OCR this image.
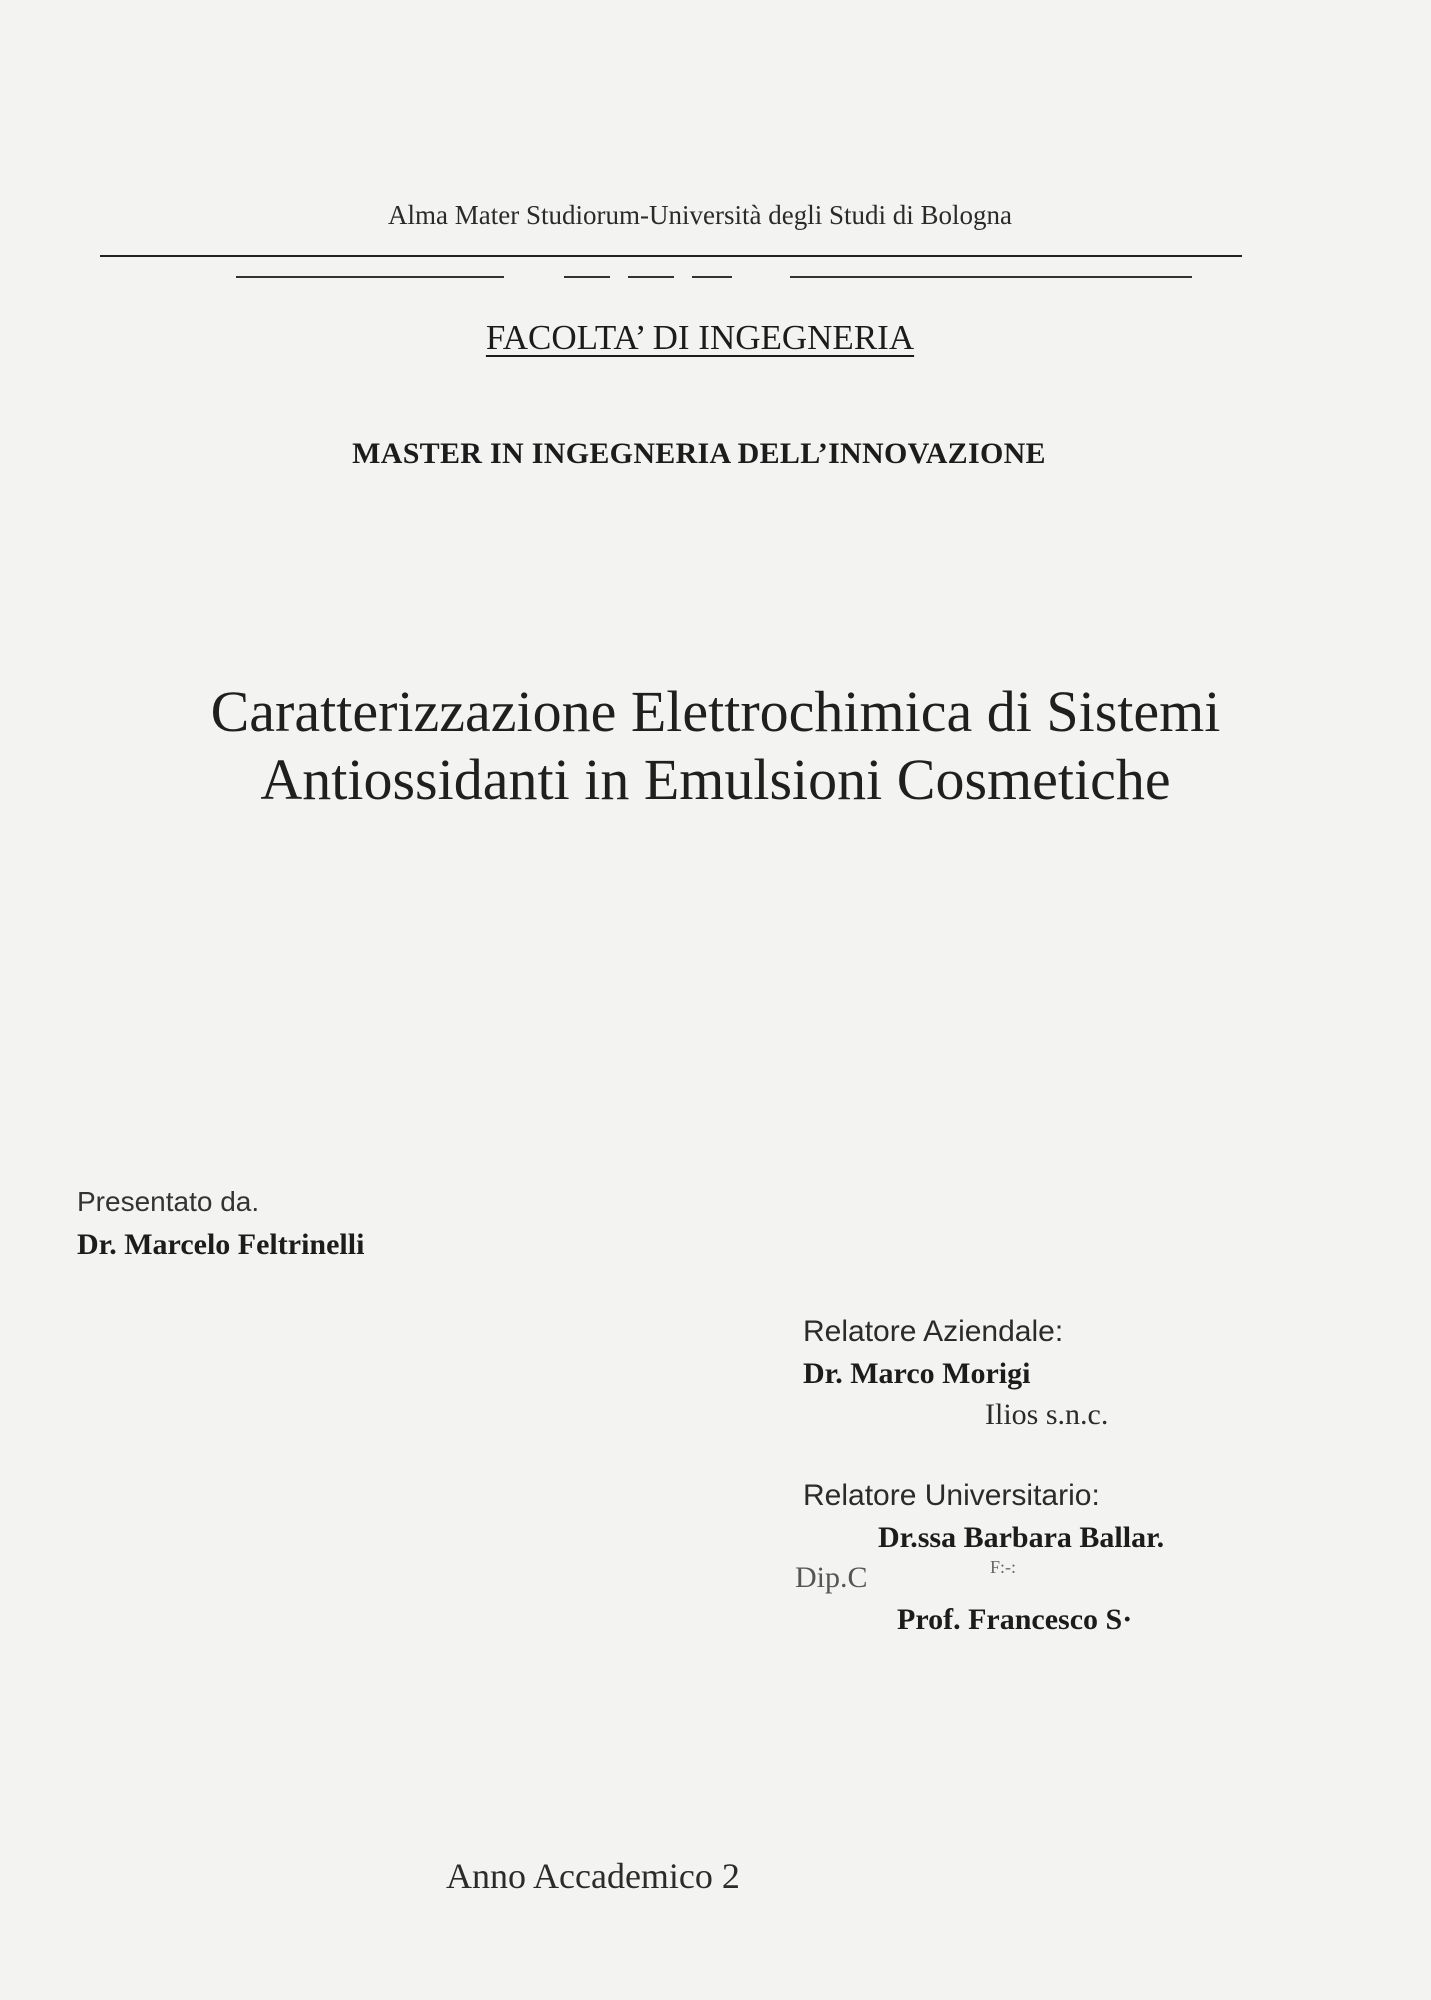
Alma Mater Studiorum-Università degli Studi di Bologna
FACOLTA’ DI INGEGNERIA
MASTER IN INGEGNERIA DELL’INNOVAZIONE
Caratterizzazione Elettrochimica di Sistemi
Antiossidanti in Emulsioni Cosmetiche
Presentato da.
Dr. Marcelo Feltrinelli
Relatore Aziendale:
Dr. Marco Morigi
Ilios s.n.c.
Relatore Universitario:
Dr.ssa Barbara Ballar.
Dip.C	F:-:
Prof. Francesco S·
Anno Accademico 2
